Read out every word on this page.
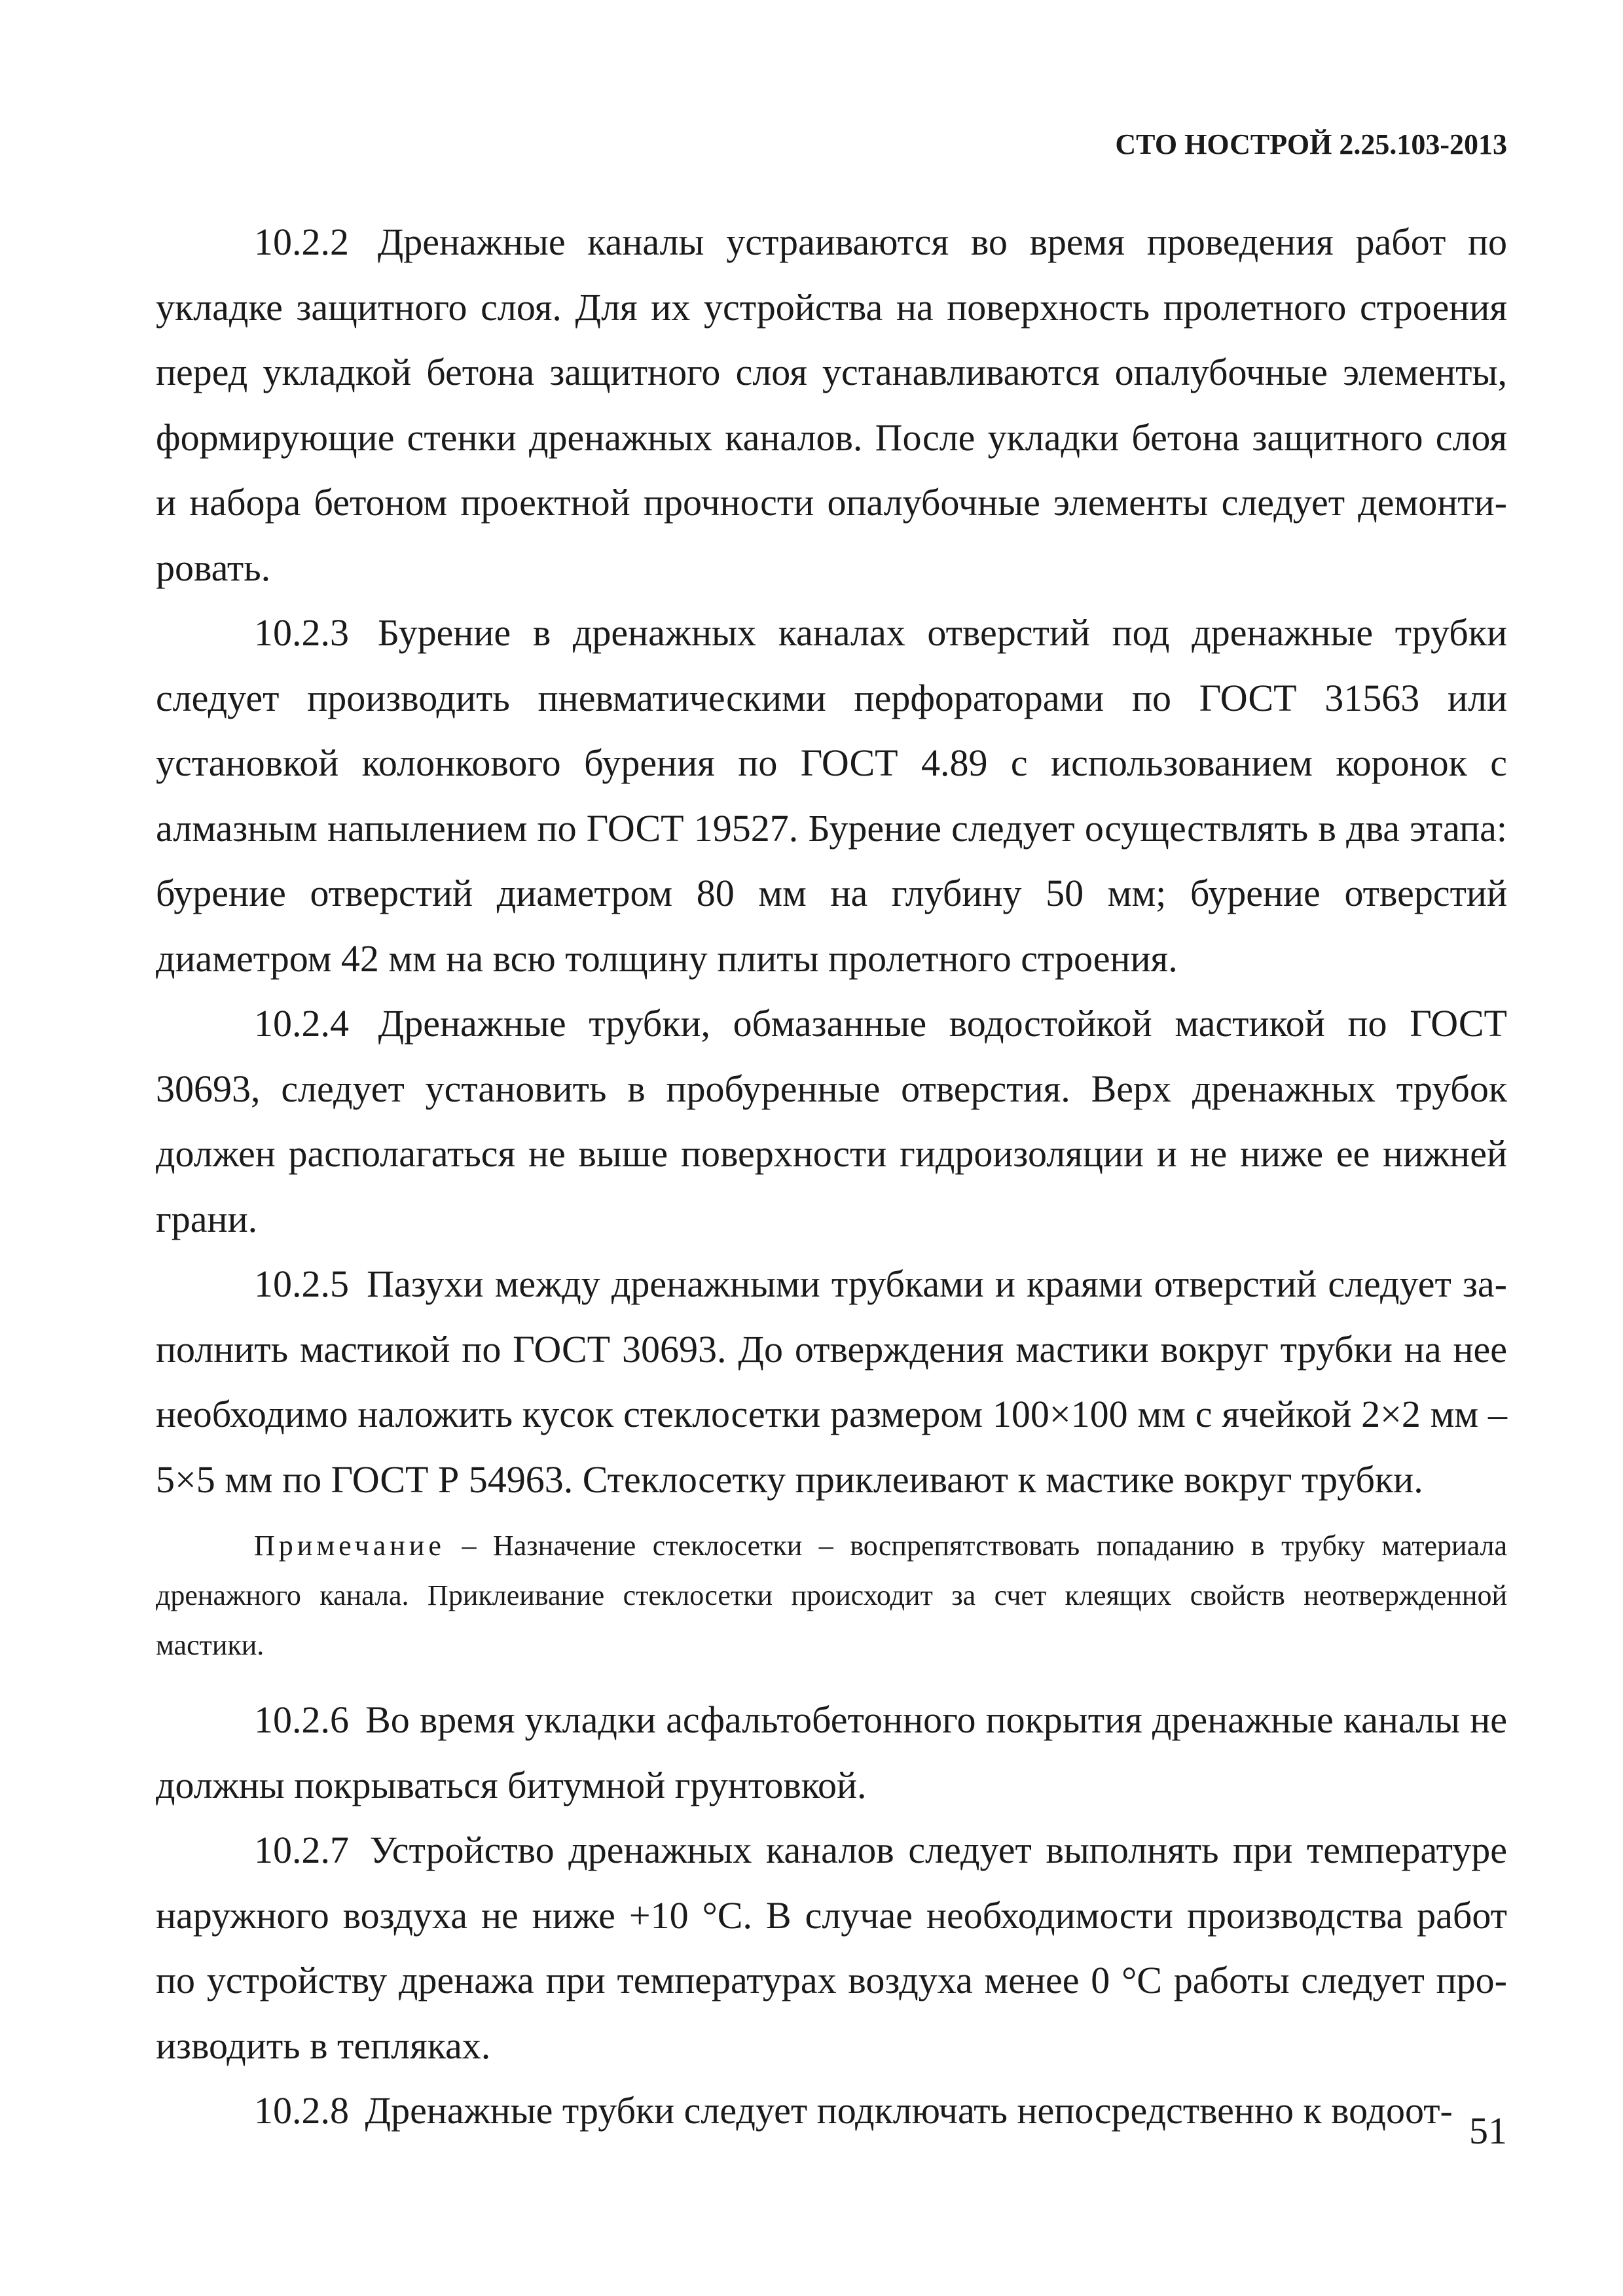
СТО НОСТРОЙ 2.25.103-2013

10.2.2 Дренажные каналы устраиваются во время проведения работ по укладке защитного слоя. Для их устройства на поверхность пролетного строения перед укладкой бетона защитного слоя устанавливаются опалубочные элементы, формирующие стенки дренажных каналов. После укладки бетона защитного слоя и набора бетоном проектной прочности опалубочные элементы следует демонтировать.

10.2.3 Бурение в дренажных каналах отверстий под дренажные трубки следует производить пневматическими перфораторами по ГОСТ 31563 или установкой колонкового бурения по ГОСТ 4.89 с использованием коронок с алмазным напылением по ГОСТ 19527. Бурение следует осуществлять в два этапа: бурение отверстий диаметром 80 мм на глубину 50 мм; бурение отверстий диаметром 42 мм на всю толщину плиты пролетного строения.

10.2.4 Дренажные трубки, обмазанные водостойкой мастикой по ГОСТ 30693, следует установить в пробуренные отверстия. Верх дренажных трубок должен располагаться не выше поверхности гидроизоляции и не ниже ее нижней грани.

10.2.5 Пазухи между дренажными трубками и краями отверстий следует заполнить мастикой по ГОСТ 30693. До отверждения мастики вокруг трубки на нее необходимо наложить кусок стеклосетки размером 100×100 мм с ячейкой 2×2 мм – 5×5 мм по ГОСТ Р 54963. Стеклосетку приклеивают к мастике вокруг трубки.

Примечание – Назначение стеклосетки – воспрепятствовать попаданию в трубку материала дренажного канала. Приклеивание стеклосетки происходит за счет клеящих свойств неотвержденной мастики.

10.2.6 Во время укладки асфальтобетонного покрытия дренажные каналы не должны покрываться битумной грунтовкой.

10.2.7 Устройство дренажных каналов следует выполнять при температуре наружного воздуха не ниже +10 °С. В случае необходимости производства работ по устройству дренажа при температурах воздуха менее 0 °С работы следует производить в тепляках.

10.2.8 Дренажные трубки следует подключать непосредственно к водоот- 51
